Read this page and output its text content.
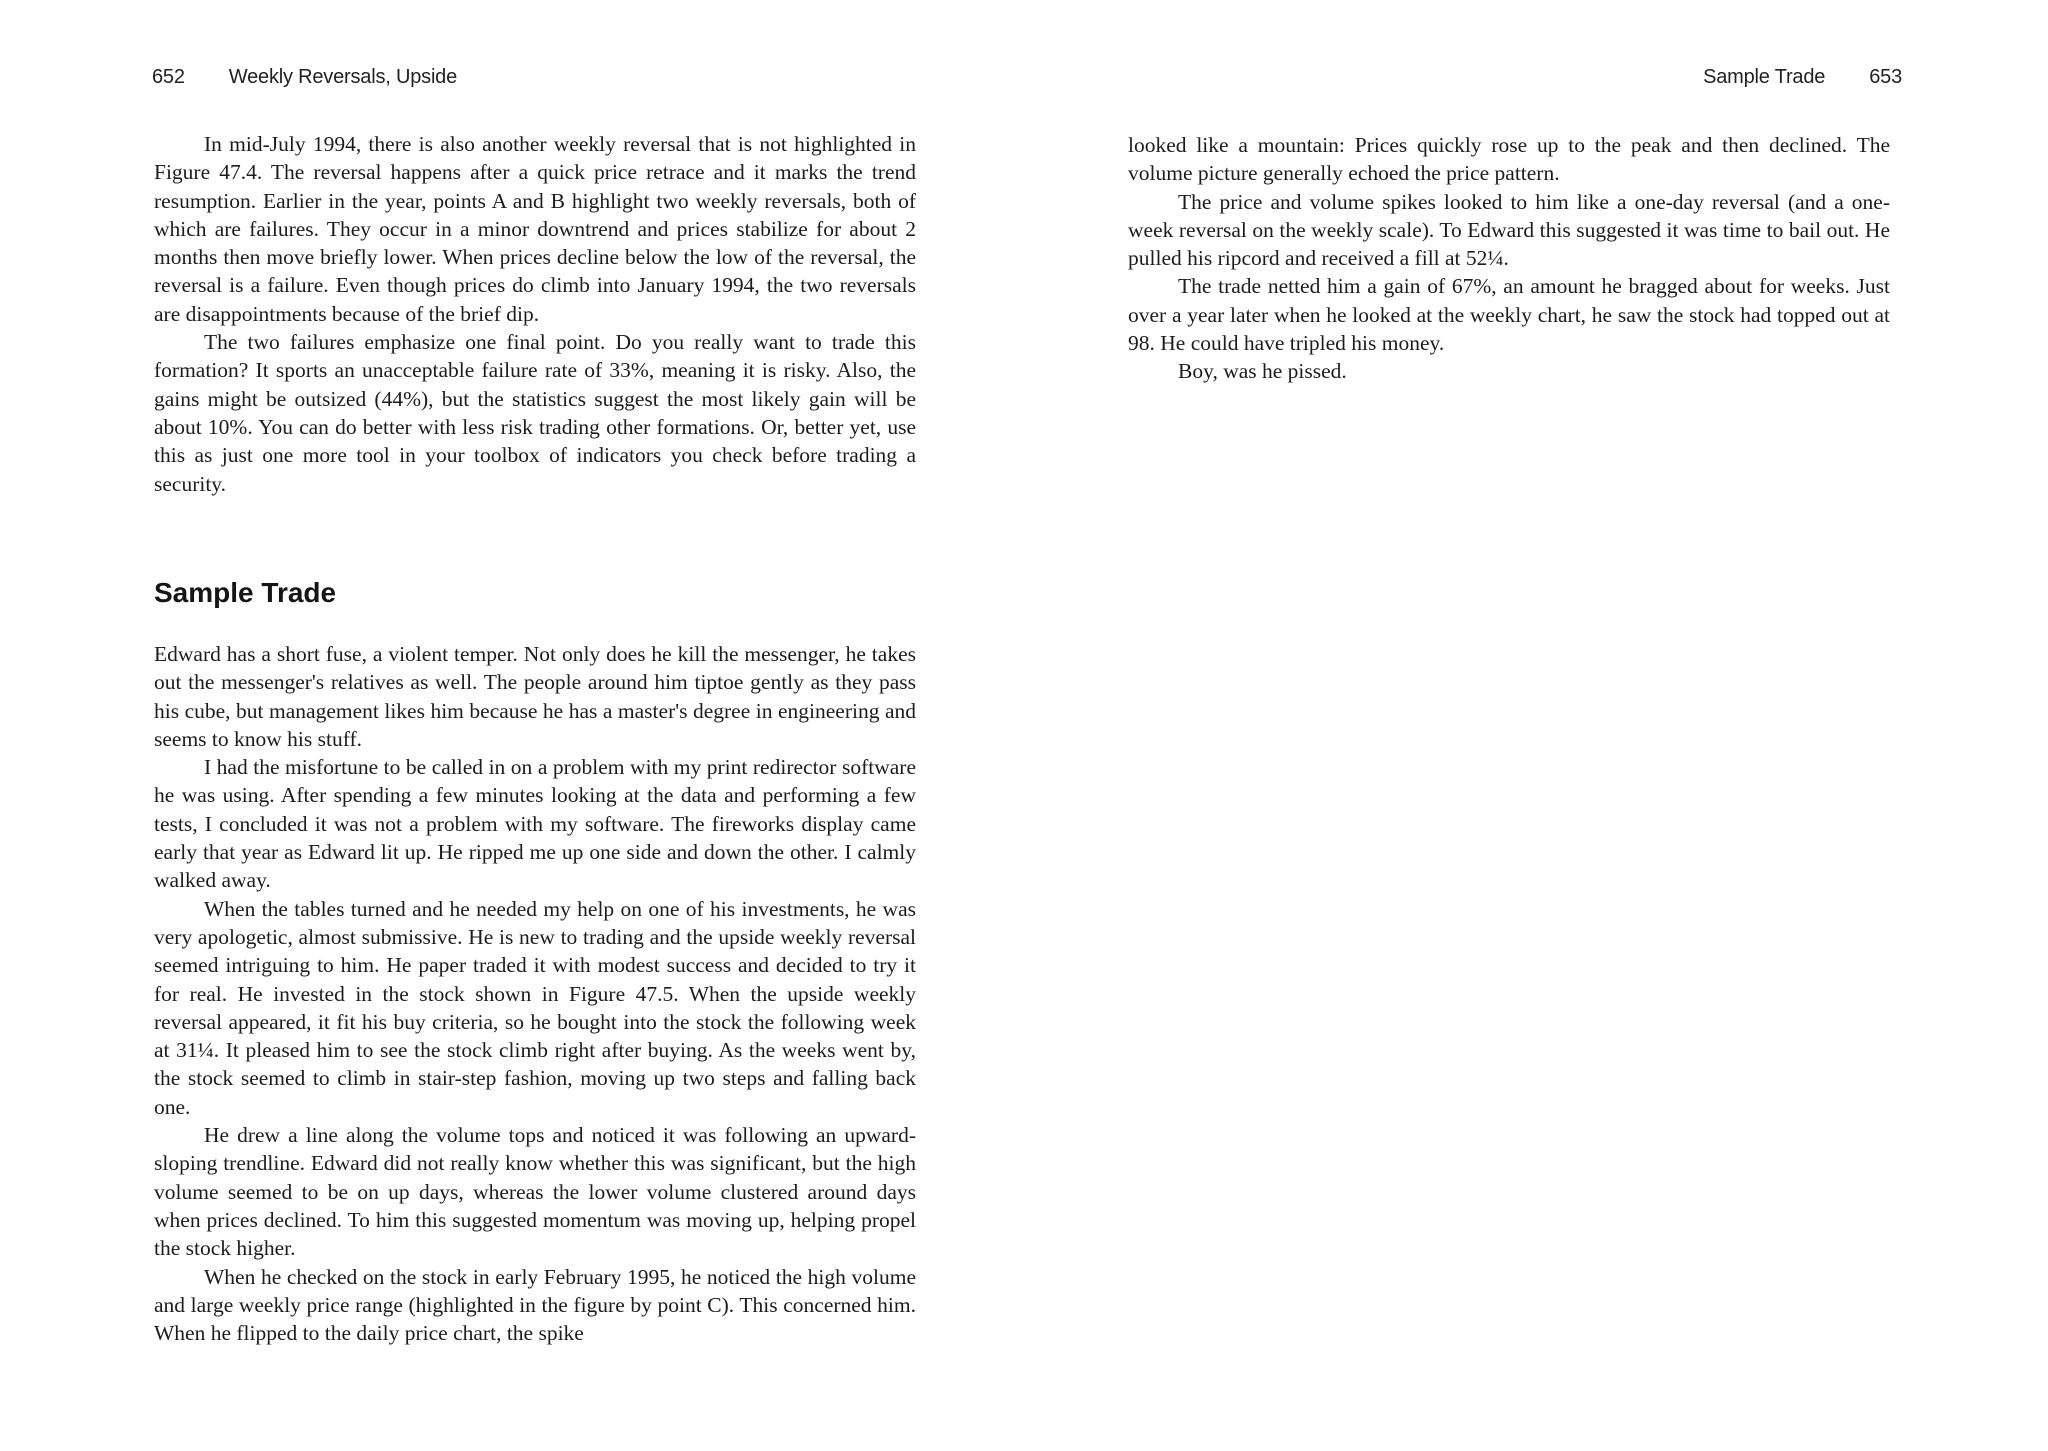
652 Weekly Reversals, Upside

In mid-July 1994, there is also another weekly reversal that is not highlighted in Figure 47.4. The reversal happens after a quick price retrace and it marks the trend resumption. Earlier in the year, points A and B highlight two weekly reversals, both of which are failures. They occur in a minor downtrend and prices stabilize for about 2 months then move briefly lower. When prices decline below the low of the reversal, the reversal is a failure. Even though prices do climb into January 1994, the two reversals are disappointments because of the brief dip.

The two failures emphasize one final point. Do you really want to trade this formation? It sports an unacceptable failure rate of 33%, meaning it is risky. Also, the gains might be outsized (44%), but the statistics suggest the most likely gain will be about 10%. You can do better with less risk trading other formations. Or, better yet, use this as just one more tool in your toolbox of indicators you check before trading a security.

Sample Trade

Edward has a short fuse, a violent temper. Not only does he kill the messenger, he takes out the messenger's relatives as well. The people around him tiptoe gently as they pass his cube, but management likes him because he has a master's degree in engineering and seems to know his stuff.

I had the misfortune to be called in on a problem with my print redirector software he was using. After spending a few minutes looking at the data and performing a few tests, I concluded it was not a problem with my software. The fireworks display came early that year as Edward lit up. He ripped me up one side and down the other. I calmly walked away.

When the tables turned and he needed my help on one of his investments, he was very apologetic, almost submissive. He is new to trading and the upside weekly reversal seemed intriguing to him. He paper traded it with modest success and decided to try it for real. He invested in the stock shown in Figure 47.5. When the upside weekly reversal appeared, it fit his buy criteria, so he bought into the stock the following week at 31¼. It pleased him to see the stock climb right after buying. As the weeks went by, the stock seemed to climb in stair-step fashion, moving up two steps and falling back one.

He drew a line along the volume tops and noticed it was following an upward-sloping trendline. Edward did not really know whether this was significant, but the high volume seemed to be on up days, whereas the lower volume clustered around days when prices declined. To him this suggested momentum was moving up, helping propel the stock higher.

When he checked on the stock in early February 1995, he noticed the high volume and large weekly price range (highlighted in the figure by point C). This concerned him. When he flipped to the daily price chart, the spike

Sample Trade 653

looked like a mountain: Prices quickly rose up to the peak and then declined. The volume picture generally echoed the price pattern.

The price and volume spikes looked to him like a one-day reversal (and a one-week reversal on the weekly scale). To Edward this suggested it was time to bail out. He pulled his ripcord and received a fill at 52¼.

The trade netted him a gain of 67%, an amount he bragged about for weeks. Just over a year later when he looked at the weekly chart, he saw the stock had topped out at 98. He could have tripled his money.

Boy, was he pissed.
